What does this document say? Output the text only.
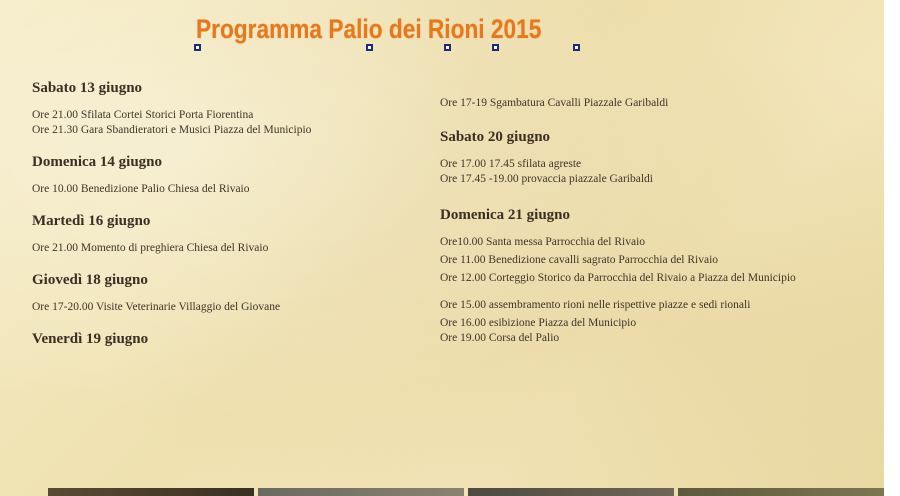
Programma Palio dei Rioni 2015
Sabato 13 giugno

Ore 21.00 Sfilata Cortei Storici Porta Fiorentina

Ore 21.30 Gara Sbandieratori e Musici Piazza del Municipio

Domenica 14 giugno

Ore 10.00 Benedizione Palio Chiesa del Rivaio

Martedì 16 giugno

Ore 21.00 Momento di preghiera Chiesa del Rivaio

Giovedì 18 giugno

Ore 17-20.00 Visite Veterinarie Villaggio del Giovane

Venerdì 19 giugno

Ore 17-19 Sgambatura Cavalli Piazzale Garibaldi

Sabato 20 giugno

Ore 17.00 17.45 sfilata agreste

Ore 17.45 -19.00 provaccia piazzale Garibaldi

Domenica 21 giugno

Ore10.00 Santa messa Parrocchia del Rivaio

Ore 11.00 Benedizione cavalli sagrato Parrocchia del Rivaio

Ore 12.00 Corteggio Storico da Parrocchia del Rivaio a Piazza del Municipio

Ore 15.00 assembramento rioni nelle rispettive piazze e sedi rionali

Ore 16.00 esibizione Piazza del Municipio

Ore 19.00 Corsa del Palio
